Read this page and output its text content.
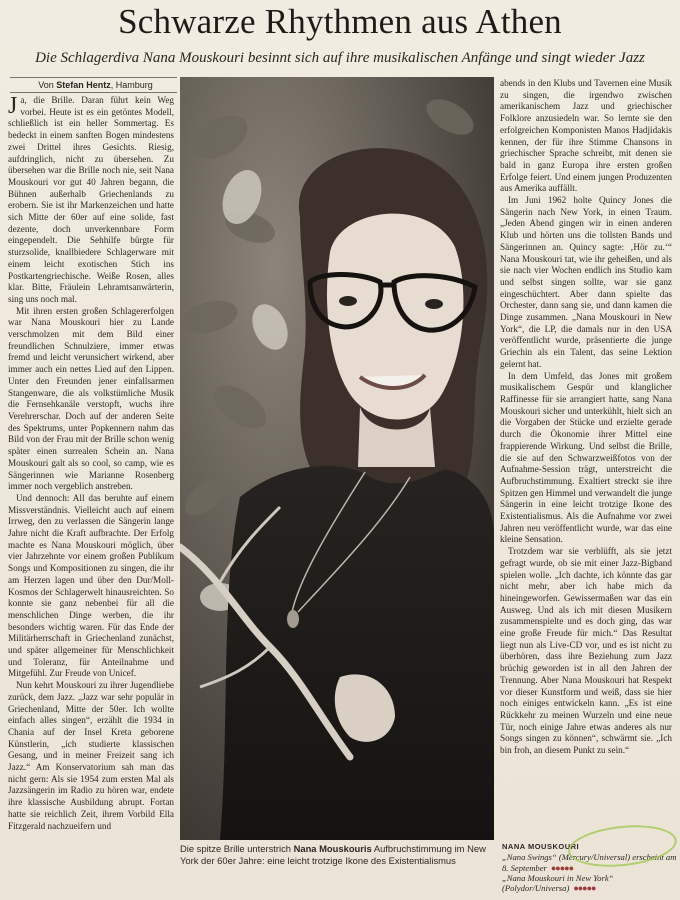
Schwarze Rhythmen aus Athen
Die Schlagerdiva Nana Mouskouri besinnt sich auf ihre musikalischen Anfänge und singt wieder Jazz
Von Stefan Hentz, Hamburg

Ja, die Brille. Daran führt kein Weg vorbei. Heute ist es ein getöntes Modell, schließlich ist ein heller Sommertag. Es bedeckt in einem sanften Bogen mindestens zwei Drittel ihres Gesichts. Riesig, aufdringlich, nicht zu übersehen. Zu übersehen war die Brille noch nie, seit Nana Mouskouri vor gut 40 Jahren begann, die Bühnen außerhalb Griechenlands zu erobern. Sie ist ihr Markenzeichen und hatte sich Mitte der 60er auf eine solide, fast dezente, doch unverkennbare Form eingependelt. Die Sehhilfe bürgte für sturzsolide, knallbiedere Schlagerware mit einem leicht exotischen Stich ins Postkartengriechische. Weiße Rosen, alles klar. Bitte, Fräulein Lehramtsanwärterin, sing uns noch mal.

Mit ihren ersten großen Schlagererfolgen war Nana Mouskouri hier zu Lande verschmolzen mit dem Bild einer freundlichen Schnulziere, immer etwas fremd und leicht verunsichert wirkend, aber immer auch ein nettes Lied auf den Lippen. Unter den Freunden jener einfallsarmen Stangenware, die als volkstümliche Musik die Fernsehkanäle verstopft, wuchs ihre Verehrerschar. Doch auf der anderen Seite des Spektrums, unter Popkennern nahm das Bild von der Frau mit der Brille schon wenig später einen surrealen Schein an. Nana Mouskouri galt als so cool, so camp, wie es Sängerinnen wie Marianne Rosenberg immer noch vergeblich anstreben.

Und dennoch: All das beruhte auf einem Missverständnis. Vielleicht auch auf einem Irrweg, den zu verlassen die Sängerin lange Jahre nicht die Kraft aufbrachte. Der Erfolg machte es Nana Mouskouri möglich, über vier Jahrzehnte vor einem großen Publikum Songs und Kompositionen zu singen, die ihr am Herzen lagen und über den Dur/Moll-Kosmos der Schlagerwelt hinausreichten. So konnte sie ganz nebenbei für all die menschlichen Dinge werben, die ihr besonders wichtig waren. Für das Ende der Militärherrschaft in Griechenland zunächst, und später allgemeiner für Menschlichkeit und Toleranz, für Anteilnahme und Mitgefühl. Zur Freude von Unicef.

Nun kehrt Mouskouri zu ihrer Jugendliebe zurück, dem Jazz. „Jazz war sehr populär in Griechenland, Mitte der 50er. Ich wollte einfach alles singen“, erzählt die 1934 in Chania auf der Insel Kreta geborene Künstlerin, „ich studierte klassischen Gesang, und in meiner Freizeit sang ich Jazz.“ Am Konservatorium sah man das nicht gern: Als sie 1954 zum ersten Mal als Jazzsängerin im Radio zu hören war, endete ihre klassische Ausbildung abrupt. Fortan hatte sie reichlich Zeit, ihrem Vorbild Ella Fitzgerald nachzueifern und

abends in den Klubs und Tavernen eine Musik zu singen, die irgendwo zwischen amerikanischem Jazz und griechischer Folklore anzusiedeln war. So lernte sie den erfolgreichen Komponisten Manos Hadjidakis kennen, der für ihre Stimme Chansons in griechischer Sprache schreibt, mit denen sie bald in ganz Europa ihre ersten großen Erfolge feiert. Und einem jungen Produzenten aus Amerika auffällt.

Im Juni 1962 holte Quincy Jones die Sängerin nach New York, in einen Traum. „Jeden Abend gingen wir in einen anderen Klub und hörten uns die tollsten Bands und Sängerinnen an. Quincy sagte: ‚Hör zu.‘“ Nana Mouskouri tat, wie ihr geheißen, und als sie nach vier Wochen endlich ins Studio kam und selbst singen sollte, war sie ganz eingeschüchtert. Aber dann spielte das Orchester, dann sang sie, und dann kamen die Dinge zusammen. „Nana Mouskouri in New York“, die LP, die damals nur in den USA veröffentlicht wurde, präsentierte die junge Griechin als ein Talent, das seine Lektion gelernt hat.

In dem Umfeld, das Jones mit großem musikalischem Gespür und klanglicher Raffinesse für sie arrangiert hatte, sang Nana Mouskouri sicher und unterkühlt, hielt sich an die Vorgaben der Stücke und erzielte gerade durch die Ökonomie ihrer Mittel eine frappierende Wirkung. Und selbst die Brille, die sie auf den Schwarzweißfotos von der Aufnahme-Session trägt, unterstreicht die Aufbruchstimmung. Exaltiert streckt sie ihre Spitzen gen Himmel und verwandelt die junge Sängerin in eine leicht trotzige Ikone des Existentialismus. Als die Aufnahme vor zwei Jahren neu veröffentlicht wurde, war das eine kleine Sensation.

Trotzdem war sie verblüfft, als sie jetzt gefragt wurde, ob sie mit einer Jazz-Bigband spielen wolle. „Ich dachte, ich könnte das gar nicht mehr, aber ich habe mich da hineingeworfen. Gewissermaßen war das ein Ausweg. Und als ich mit diesen Musikern zusammenspielte und es doch ging, das war eine große Freude für mich.“ Das Resultat liegt nun als Live-CD vor, und es ist nicht zu überhören, dass ihre Beziehung zum Jazz brüchig geworden ist in all den Jahren der Trennung. Aber Nana Mouskouri hat Respekt vor dieser Kunstform und weiß, dass sie hier noch einiges entwickeln kann. „Es ist eine Rückkehr zu meinen Wurzeln und eine neue Tür, noch einige Jahre etwas anderes als nur Songs singen zu können“, schwärmt sie. „Ich bin froh, an diesem Punkt zu sein.“

Die spitze Brille unterstrich Nana Mouskouris Aufbruchstimmung im New York der 60er Jahre: eine leicht trotzige Ikone des Existentialismus
NANA MOUSKOURI
„Nana Swings“ (Mercury/Universal) erscheint am 8. September ●●●●●
„Nana Mouskouri in New York“ (Polydor/Universa) ●●●●●
